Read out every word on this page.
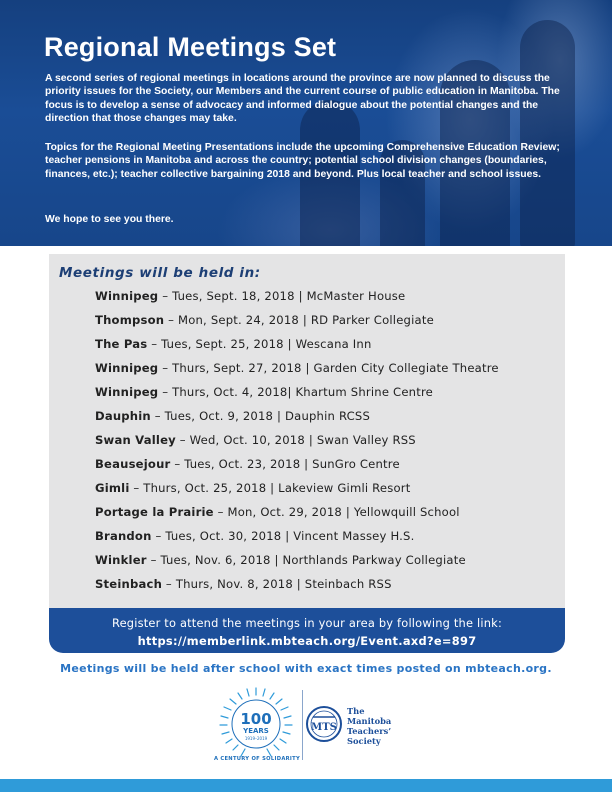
Regional Meetings Set

A second series of regional meetings in locations around the province are now planned to discuss the priority issues for the Society, our Members and the current course of public education in Manitoba. The focus is to develop a sense of advocacy and informed dialogue about the potential changes and the direction that those changes may take.

Topics for the Regional Meeting Presentations include the upcoming Comprehensive Education Review; teacher pensions in Manitoba and across the country; potential school division changes (boundaries, finances, etc.); teacher collective bargaining 2018 and beyond. Plus local teacher and school issues.

We hope to see you there.

Meetings will be held in:
Winnipeg – Tues, Sept. 18, 2018 | McMaster House
Thompson – Mon, Sept. 24, 2018 | RD Parker Collegiate
The Pas – Tues, Sept. 25, 2018 | Wescana Inn
Winnipeg – Thurs, Sept. 27, 2018 | Garden City Collegiate Theatre
Winnipeg – Thurs, Oct. 4, 2018| Khartum Shrine Centre
Dauphin – Tues, Oct. 9, 2018 | Dauphin RCSS
Swan Valley – Wed, Oct. 10, 2018 | Swan Valley RSS
Beausejour – Tues, Oct. 23, 2018 | SunGro Centre
Gimli – Thurs, Oct. 25, 2018 | Lakeview Gimli Resort
Portage la Prairie – Mon, Oct. 29, 2018 | Yellowquill School
Brandon – Tues, Oct. 30, 2018 | Vincent Massey H.S.
Winkler – Tues, Nov. 6, 2018 | Northlands Parkway Collegiate
Steinbach – Thurs, Nov. 8, 2018 | Steinbach RSS
Register to attend the meetings in your area by following the link:
https://memberlink.mbteach.org/Event.axd?e=897
Meetings will be held after school with exact times posted on mbteach.org.
100
YEARS
1919–2019
A CENTURY OF SOLIDARITY
MTS
The
Manitoba
Teachers’
Society
